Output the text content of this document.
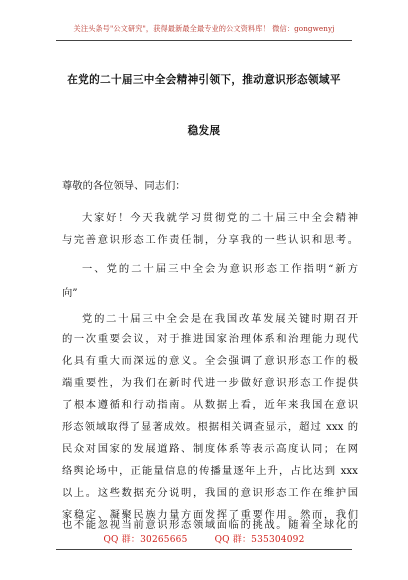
关注头条号"公文研究"，获得最新最全最专业的公文资料库！ 微信：gongwenyj
在党的二十届三中全会精神引领下，推动意识形态领域平
稳发展
尊敬的各位领导、同志们：
大家好！今天我就学习贯彻党的二十届三中全会精神
与完善意识形态工作责任制，分享我的一些认识和思考。
一、党的二十届三中全会为意识形态工作指明“新方
向”
党的二十届三中全会是在我国改革发展关键时期召开
的一次重要会议，对于推进国家治理体系和治理能力现代
化具有重大而深远的意义。全会强调了意识形态工作的极
端重要性，为我们在新时代进一步做好意识形态工作提供
了根本遵循和行动指南。从数据上看，近年来我国在意识
形态领域取得了显著成效。根据相关调查显示，超过 xxx 的
民众对国家的发展道路、制度体系等表示高度认同；在网
络舆论场中，正能量信息的传播量逐年上升，占比达到 xxx
以上。这些数据充分说明，我国的意识形态工作在维护国
家稳定、凝聚民族力量方面发挥了重要作用。然而，我们
QQ 群：30265665	QQ 群：535304092
也不能忽视当前意识形态领域面临的挑战。随着全球化的
